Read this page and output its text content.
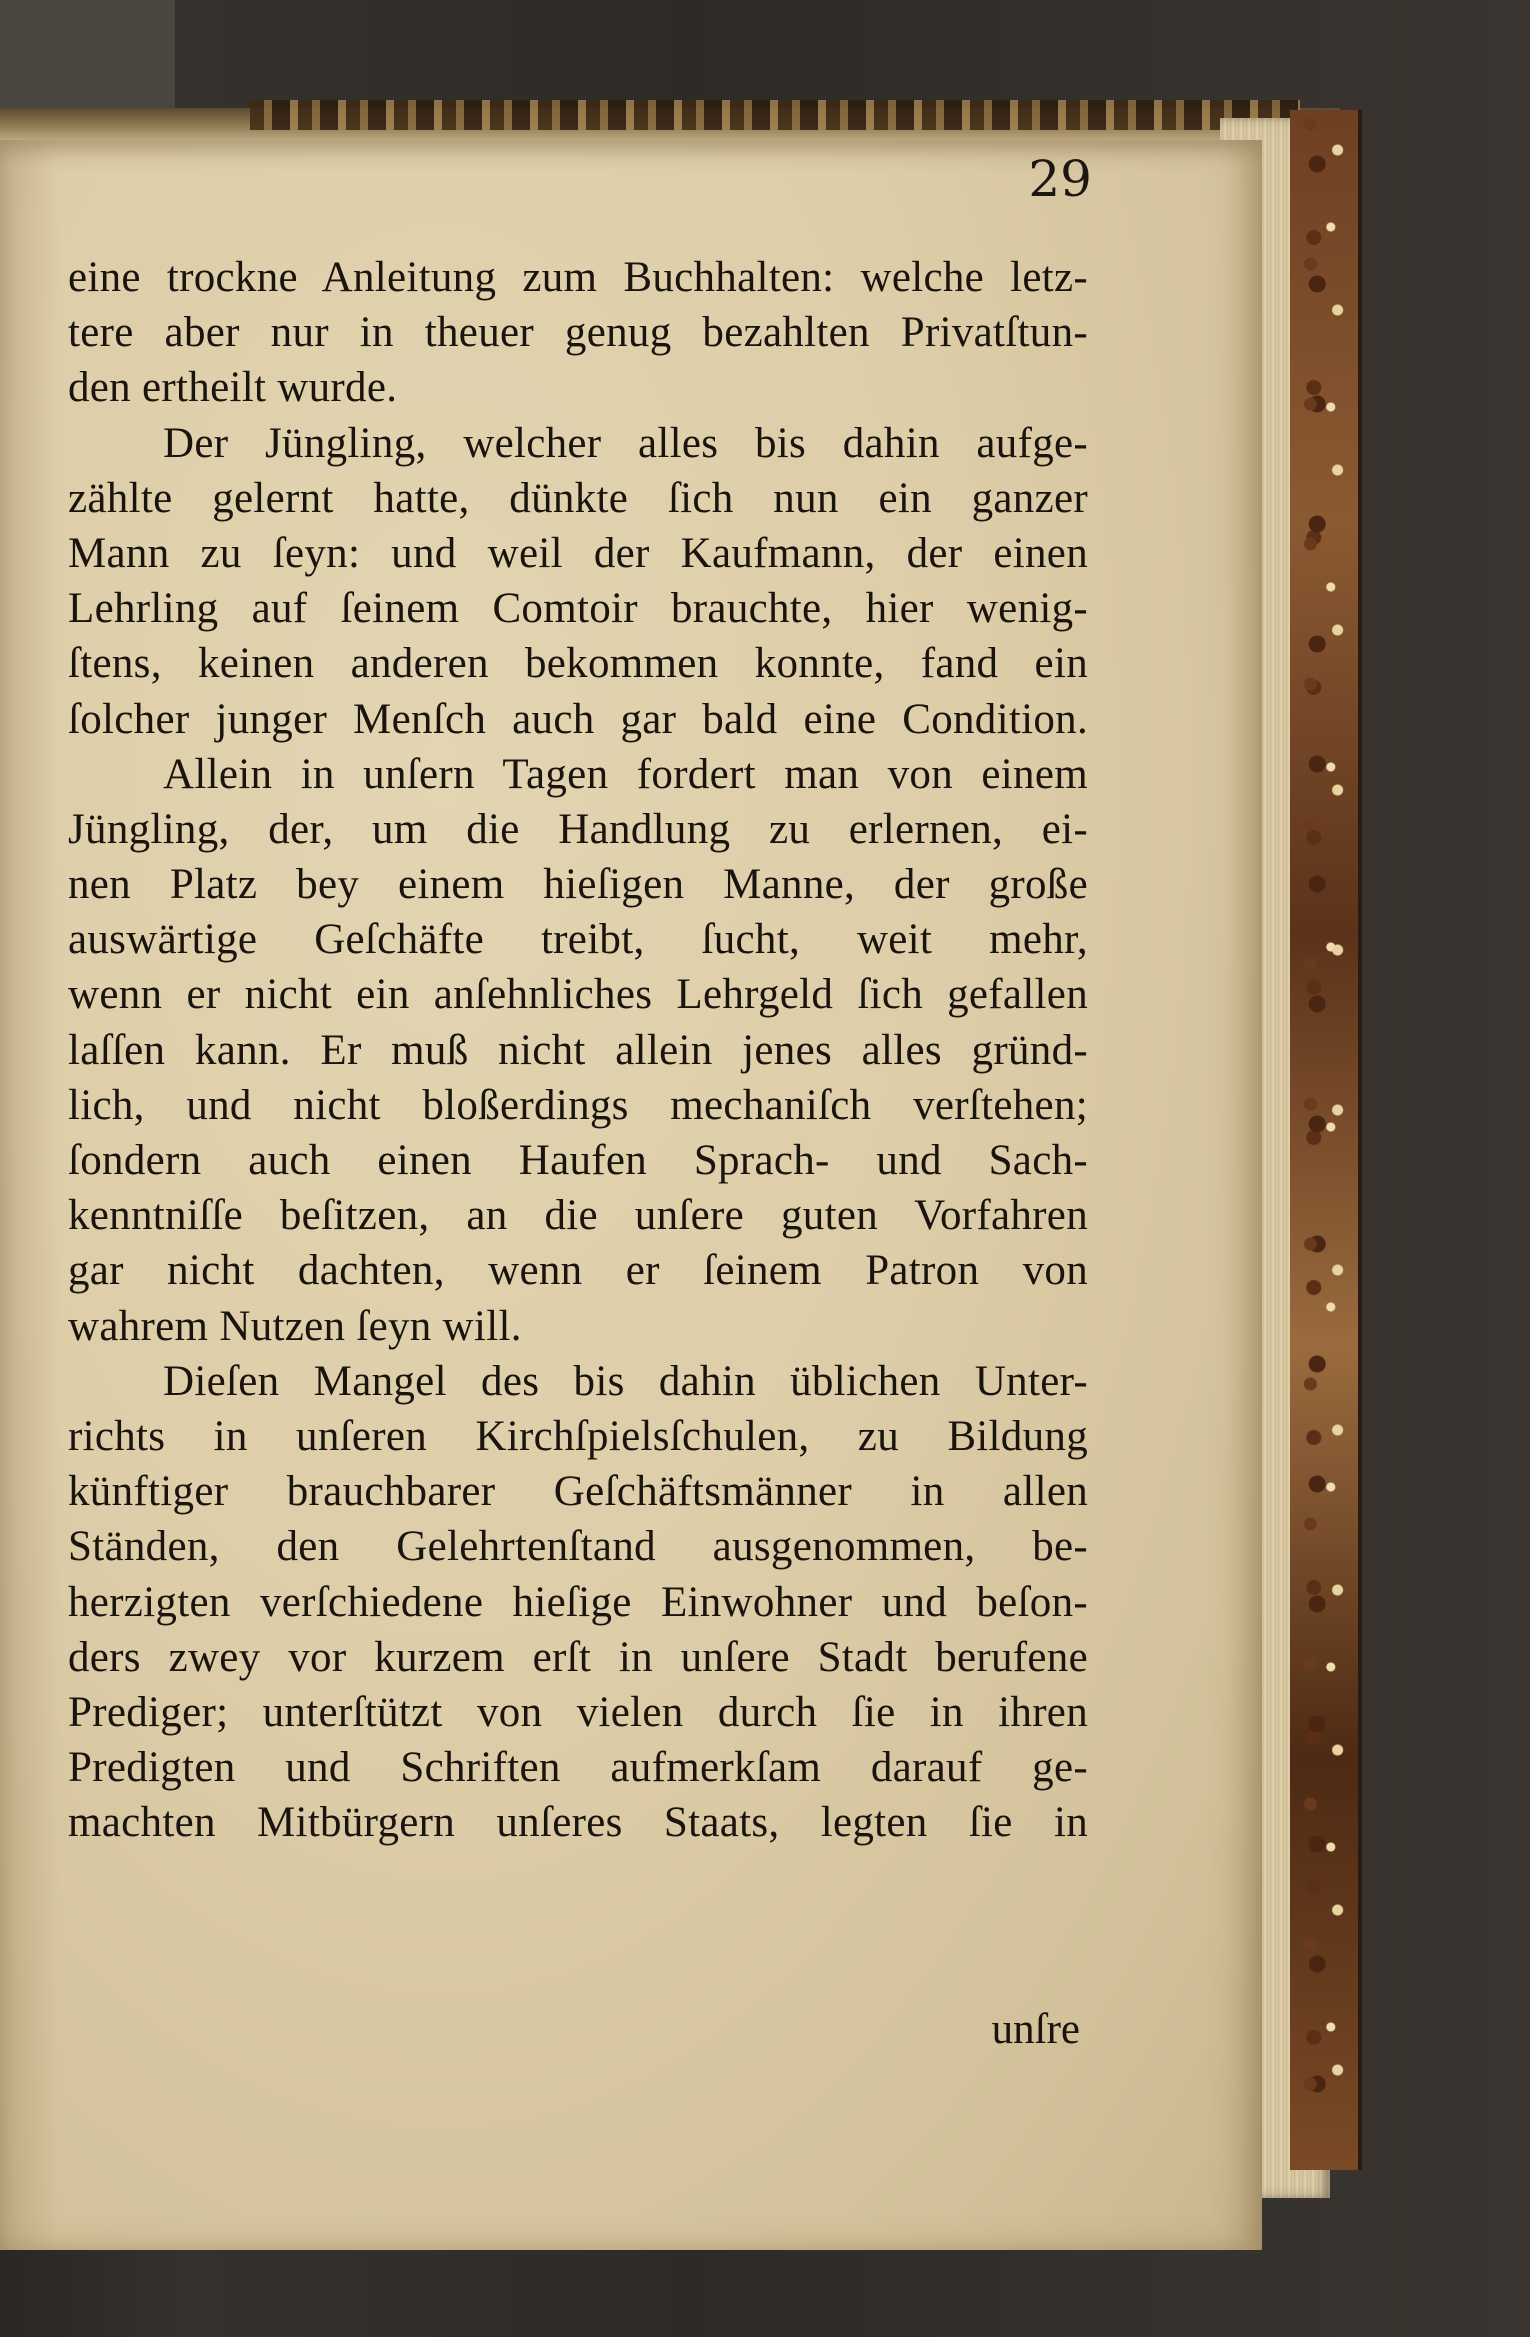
29
eine trockne Anleitung zum Buchhalten: welche letz-
tere aber nur in theuer genug bezahlten Privatſtun-
den ertheilt wurde.
Der Jüngling, welcher alles bis dahin aufge-
zählte gelernt hatte, dünkte ſich nun ein ganzer
Mann zu ſeyn: und weil der Kaufmann, der einen
Lehrling auf ſeinem Comtoir brauchte, hier wenig-
ſtens, keinen anderen bekommen konnte, fand ein
ſolcher junger Menſch auch gar bald eine Condition.
Allein in unſern Tagen fordert man von einem
Jüngling, der, um die Handlung zu erlernen, ei-
nen Platz bey einem hieſigen Manne, der große
auswärtige Geſchäfte treibt, ſucht, weit mehr,
wenn er nicht ein anſehnliches Lehrgeld ſich gefallen
laſſen kann. Er muß nicht allein jenes alles gründ-
lich, und nicht bloßerdings mechaniſch verſtehen;
ſondern auch einen Haufen Sprach- und Sach-
kenntniſſe beſitzen, an die unſere guten Vorfahren
gar nicht dachten, wenn er ſeinem Patron von
wahrem Nutzen ſeyn will.
Dieſen Mangel des bis dahin üblichen Unter-
richts in unſeren Kirchſpielsſchulen, zu Bildung
künftiger brauchbarer Geſchäftsmänner in allen
Ständen, den Gelehrtenſtand ausgenommen, be-
herzigten verſchiedene hieſige Einwohner und beſon-
ders zwey vor kurzem erſt in unſere Stadt berufene
Prediger; unterſtützt von vielen durch ſie in ihren
Predigten und Schriften aufmerkſam darauf ge-
machten Mitbürgern unſeres Staats, legten ſie in
unſre
